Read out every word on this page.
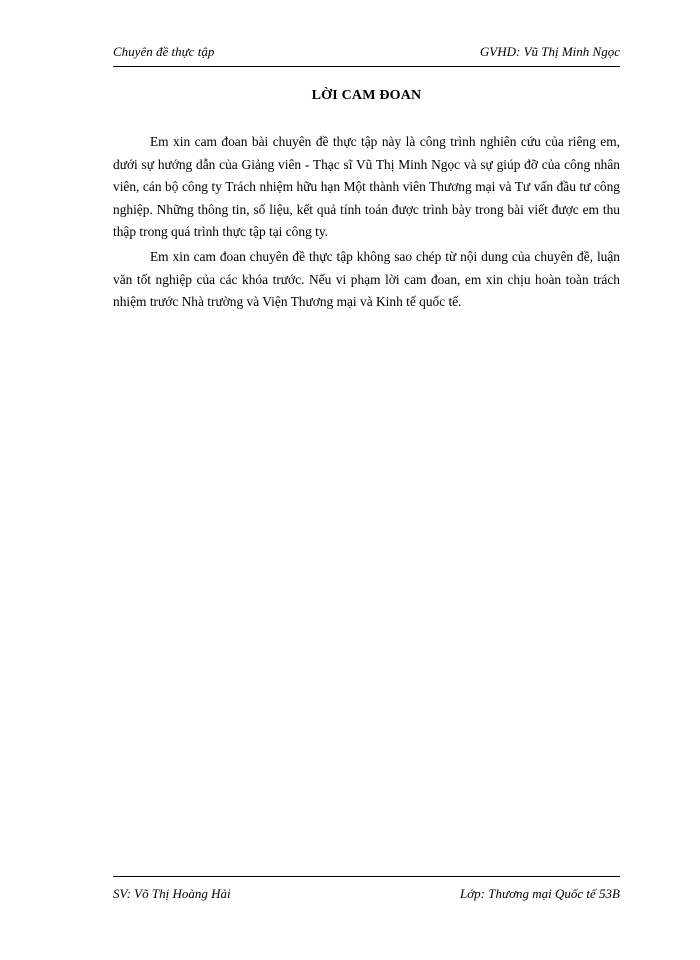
Chuyên đề thực tập	GVHD: Vũ Thị Minh Ngọc
LỜI CAM ĐOAN

Em xin cam đoan bài chuyên đề thực tập này là công trình nghiên cứu của riêng em, dưới sự hướng dẫn của Giảng viên - Thạc sĩ Vũ Thị Minh Ngọc và sự giúp đỡ của công nhân viên, cán bộ công ty Trách nhiệm hữu hạn Một thành viên Thương mại và Tư vấn đầu tư công nghiệp. Những thông tin, số liệu, kết quả tính toán được trình bày trong bài viết được em thu thập trong quá trình thực tập tại công ty.

Em xin cam đoan chuyên đề thực tập không sao chép từ nội dung của chuyên đề, luận văn tốt nghiệp của các khóa trước. Nếu vi phạm lời cam đoan, em xin chịu hoàn toàn trách nhiệm trước Nhà trường và Viện Thương mại và Kinh tế quốc tế.

SV: Võ Thị Hoàng Hải	Lớp: Thương mại Quốc tế 53B
